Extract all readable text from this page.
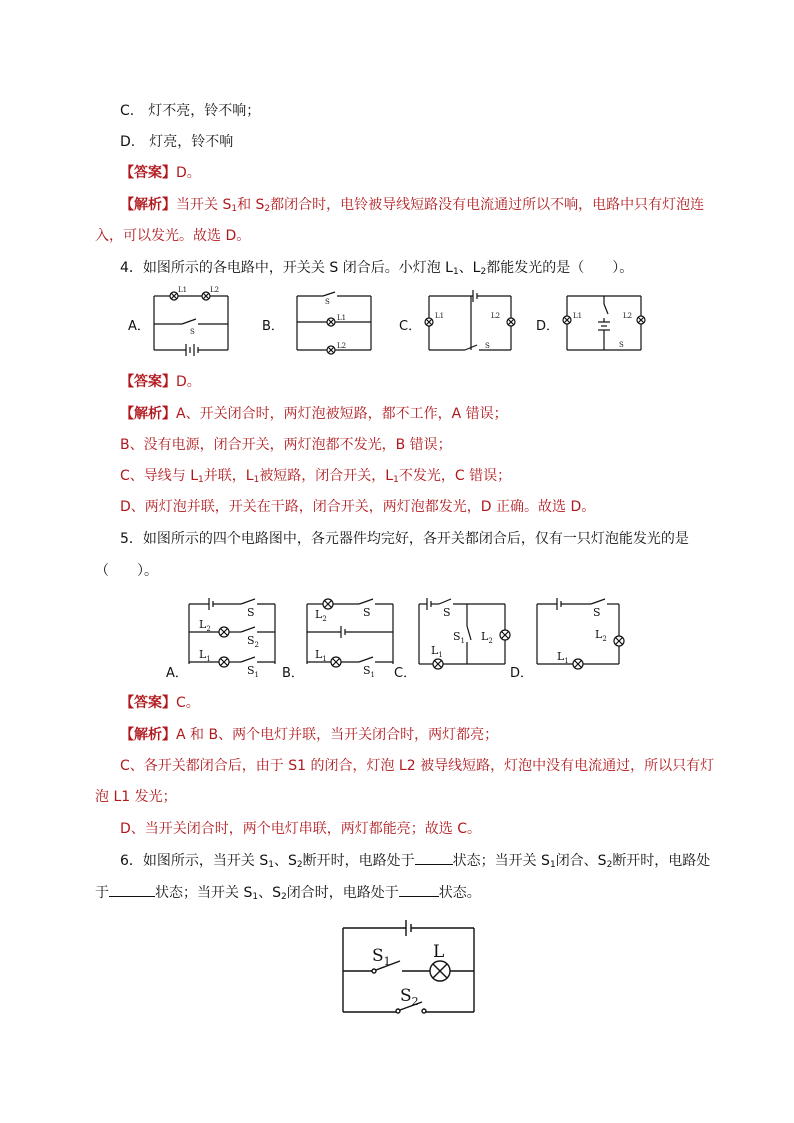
C.　灯不亮，铃不响；
D.　灯亮，铃不响
【答案】D。
【解析】当开关 $S_1$和 $S_2$都闭合时，电铃被导线短路没有电流通过所以不响，电路中只有灯泡连
入，可以发光。故选 D。
4．如图所示的各电路中，开关关 S 闭合后。小灯泡 $L_1$、$L_2$都能发光的是（　　）。
A．
L1	L2
S	B．
S
L1
L2
C．
L1	L2
S
D．
L1	L2
S
【答案】D。
【解析】A、开关闭合时，两灯泡被短路，都不工作，A 错误；
B、没有电源，闭合开关，两灯泡都不发光，B 错误；
C、导线与 $L_1$并联，$L_1$被短路，闭合开关，$L_1$不发光，C 错误；
D、两灯泡并联，开关在干路，闭合开关，两灯泡都发光，D 正确。故选 D。
5．如图所示的四个电路图中，各元器件均完好，各开关都闭合后，仅有一只灯泡能发光的是
（　　）。
S
$L_2$
$S_2$
$L_1$
$S_1$
A．
$L_2$	S
$L_1$
$S_1$
B．
S
$S_1$ $L_2$
$L_1$
C．
S
$L_2$
$L_1$
D．
【答案】C。
【解析】A 和 B、两个电灯并联，当开关闭合时，两灯都亮；
C、各开关都闭合后，由于 S1 的闭合，灯泡 L2 被导线短路，灯泡中没有电流通过，所以只有灯
泡 L1 发光；
D、当开关闭合时，两个电灯串联，两灯都能亮；故选 C。
6．如图所示，当开关 $S_1$、$S_2$断开时，电路处于	状态；当开关 $S_1$闭合、$S_2$断开时，电路处
于	状态；当开关 $S_1$、$S_2$闭合时，电路处于	状态。
$S_1$ L
$S_2$
